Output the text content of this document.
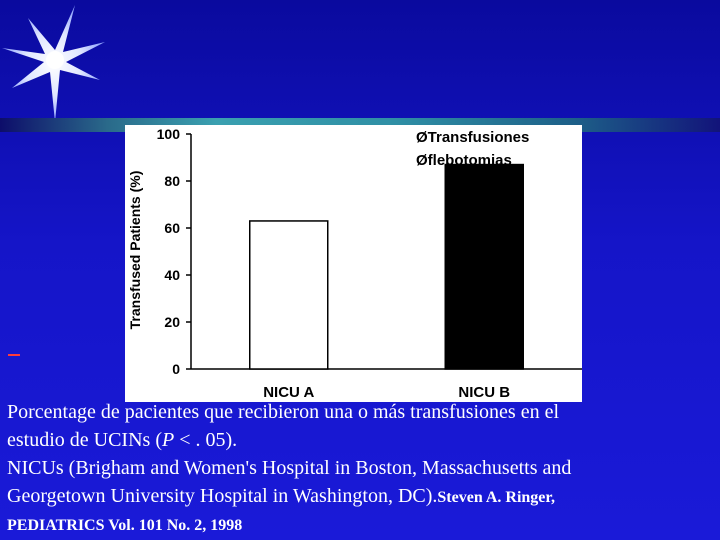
0
20
40
60
80
100
NICU A	NICU B
Transfused Patients (%)
ØTransfusiones
Øflebotomias

Porcentage de pacientes que recibieron una o más transfusiones en el

estudio de UCINs (P < . 05).

NICUs (Brigham and Women's Hospital in Boston, Massachusetts and

Georgetown University Hospital in Washington, DC).Steven A. Ringer,

PEDIATRICS Vol. 101 No. 2, 1998
